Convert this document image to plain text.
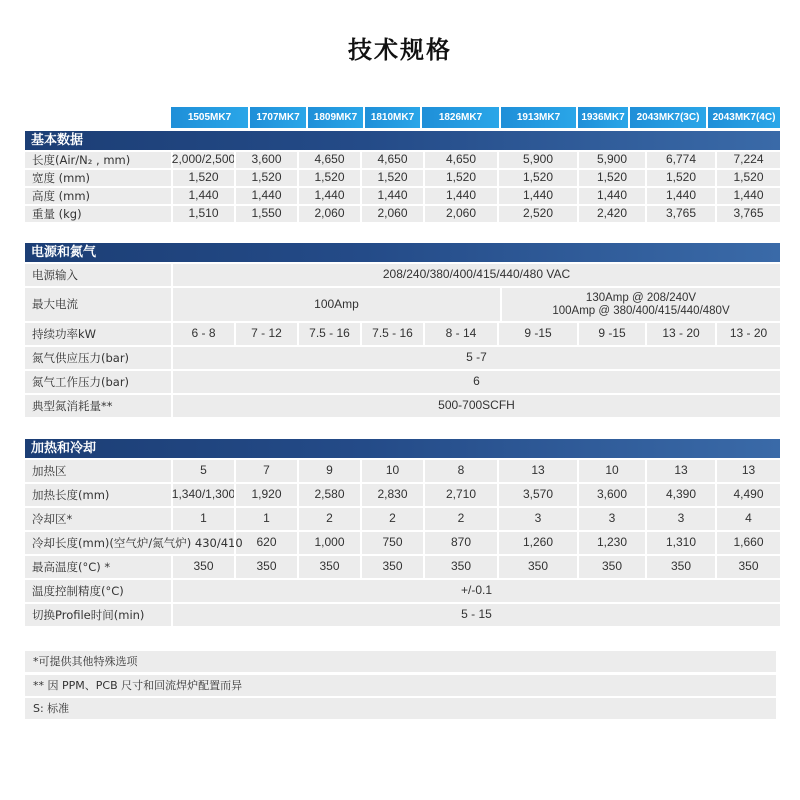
技术规格
1505MK7	1707MK7	1809MK7	1810MK7	1826MK7	1913MK7	1936MK7	2043MK7(3C)	2043MK7(4C)
基本数据
长度(Air/N₂ , mm)	2,000/2,500	3,600	4,650	4,650	4,650	5,900	5,900	6,774	7,224
宽度 (mm)	1,520	1,520	1,520	1,520	1,520	1,520	1,520	1,520	1,520
高度 (mm)	1,440	1,440	1,440	1,440	1,440	1,440	1,440	1,440	1,440
重量 (kg)	1,510	1,550	2,060	2,060	2,060	2,520	2,420	3,765	3,765
电源和氮气
电源输入	208/240/380/400/415/440/480 VAC
最大电流	100Amp	130Amp @ 208/240V
100Amp @ 380/400/415/440/480V
持续功率kW	6 - 8	7 - 12	7.5 - 16	7.5 - 16	8 - 14	9 -15	9 -15	13 - 20	13 - 20
氮气供应压力(bar)	5 -7
氮气工作压力(bar)	6
典型氮消耗量**	500-700SCFH
加热和冷却
加热区	5	7	9	10	8	13	10	13	13
加热长度(mm)	1,340/1,300	1,920	2,580	2,830	2,710	3,570	3,600	4,390	4,490
冷却区*	1	1	2	2	2	3	3	3	4
冷却长度(mm)(空气炉/氮气炉) 430/410	620	1,000	750	870	1,260	1,230	1,310	1,660
最高温度(°C) *	350	350	350	350	350	350	350	350	350
温度控制精度(°C)	+/-0.1
切换Profile时间(min)	5 - 15
*可提供其他特殊选项
** 因 PPM、PCB 尺寸和回流焊炉配置而异
S: 标准
